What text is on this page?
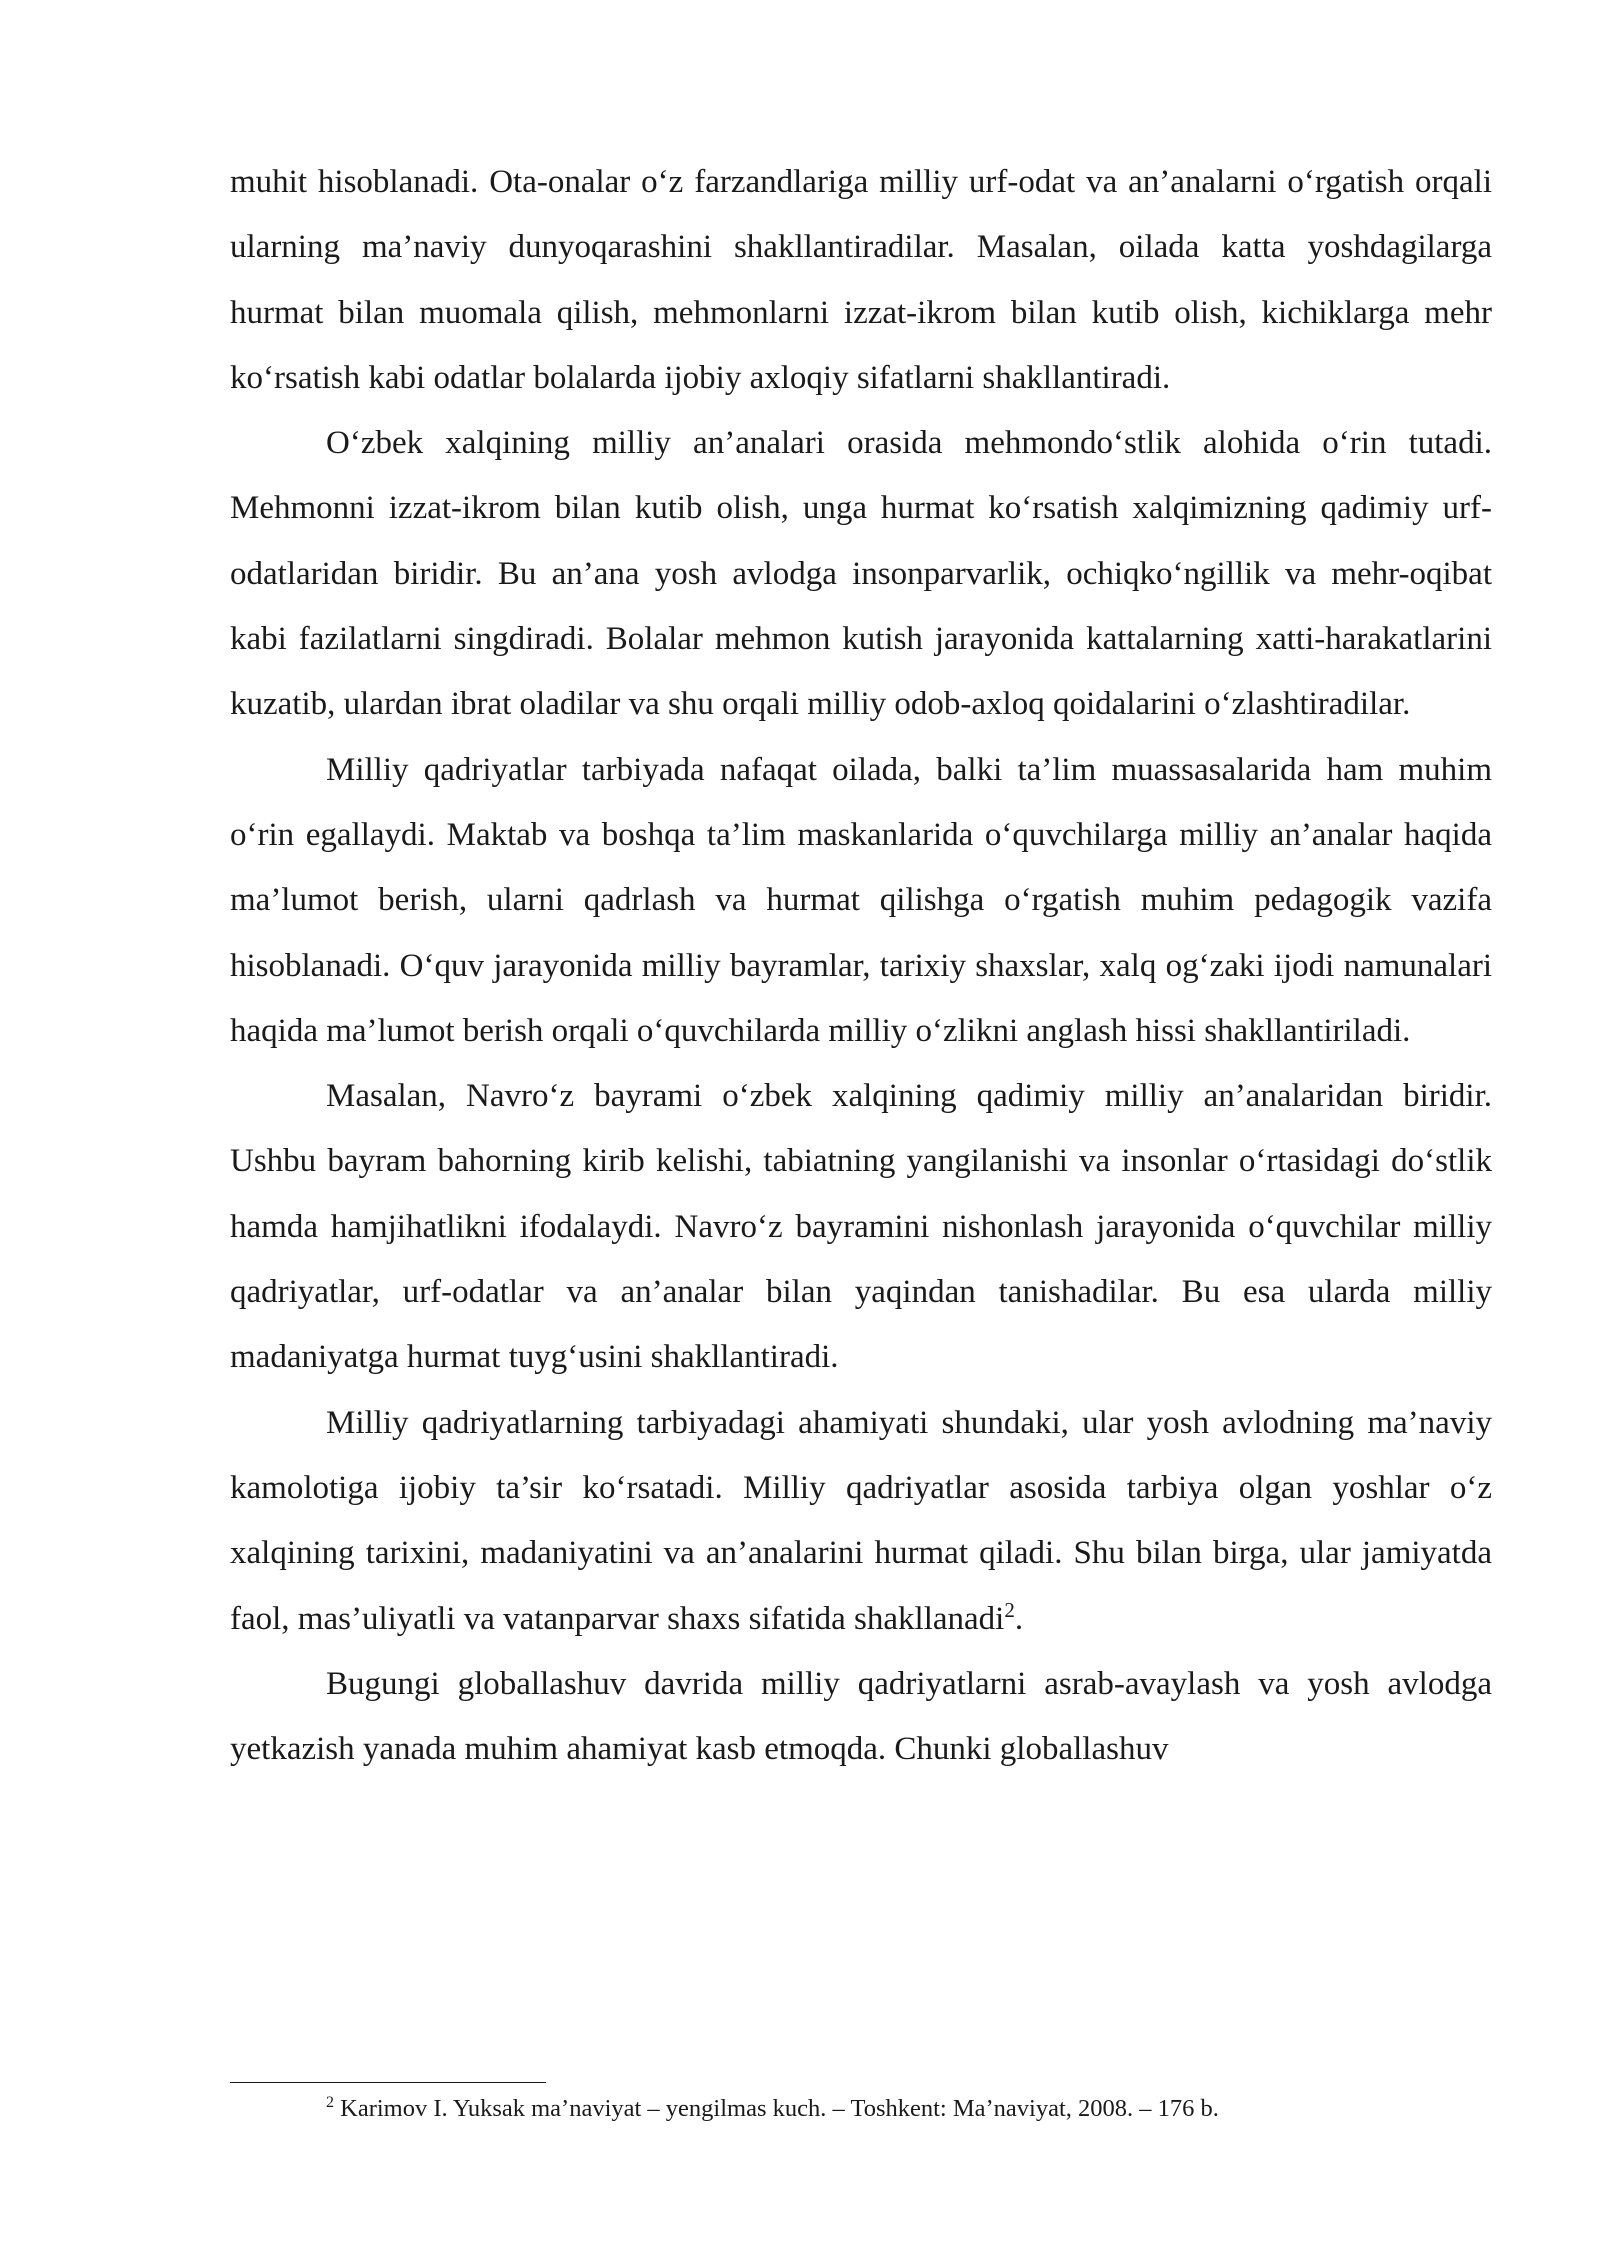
muhit hisoblanadi. Ota-onalar o‘z farzandlariga milliy urf-odat va an’analarni o‘rgatish orqali ularning ma’naviy dunyoqarashini shakllantiradilar. Masalan, oilada katta yoshdagilarga hurmat bilan muomala qilish, mehmonlarni izzat-ikrom bilan kutib olish, kichiklarga mehr ko‘rsatish kabi odatlar bolalarda ijobiy axloqiy sifatlarni shakllantiradi.

O‘zbek xalqining milliy an’analari orasida mehmondo‘stlik alohida o‘rin tutadi. Mehmonni izzat-ikrom bilan kutib olish, unga hurmat ko‘rsatish xalqimizning qadimiy urf-odatlaridan biridir. Bu an’ana yosh avlodga insonparvarlik, ochiqko‘ngillik va mehr-oqibat kabi fazilatlarni singdiradi. Bolalar mehmon kutish jarayonida kattalarning xatti-harakatlarini kuzatib, ulardan ibrat oladilar va shu orqali milliy odob-axloq qoidalarini o‘zlashtiradilar.

Milliy qadriyatlar tarbiyada nafaqat oilada, balki ta’lim muassasalarida ham muhim o‘rin egallaydi. Maktab va boshqa ta’lim maskanlarida o‘quvchilarga milliy an’analar haqida ma’lumot berish, ularni qadrlash va hurmat qilishga o‘rgatish muhim pedagogik vazifa hisoblanadi. O‘quv jarayonida milliy bayramlar, tarixiy shaxslar, xalq og‘zaki ijodi namunalari haqida ma’lumot berish orqali o‘quvchilarda milliy o‘zlikni anglash hissi shakllantiriladi.

Masalan, Navro‘z bayrami o‘zbek xalqining qadimiy milliy an’analaridan biridir. Ushbu bayram bahorning kirib kelishi, tabiatning yangilanishi va insonlar o‘rtasidagi do‘stlik hamda hamjihatlikni ifodalaydi. Navro‘z bayramini nishonlash jarayonida o‘quvchilar milliy qadriyatlar, urf-odatlar va an’analar bilan yaqindan tanishadilar. Bu esa ularda milliy madaniyatga hurmat tuyg‘usini shakllantiradi.

Milliy qadriyatlarning tarbiyadagi ahamiyati shundaki, ular yosh avlodning ma’naviy kamolotiga ijobiy ta’sir ko‘rsatadi. Milliy qadriyatlar asosida tarbiya olgan yoshlar o‘z xalqining tarixini, madaniyatini va an’analarini hurmat qiladi. Shu bilan birga, ular jamiyatda faol, mas’uliyatli va vatanparvar shaxs sifatida shakllanadi$^2$.

Bugungi globallashuv davrida milliy qadriyatlarni asrab-avaylash va yosh avlodga yetkazish yanada muhim ahamiyat kasb etmoqda. Chunki globallashuv

$^2$ Karimov I. Yuksak ma’naviyat – yengilmas kuch. – Toshkent: Ma’naviyat, 2008. – 176 b.
